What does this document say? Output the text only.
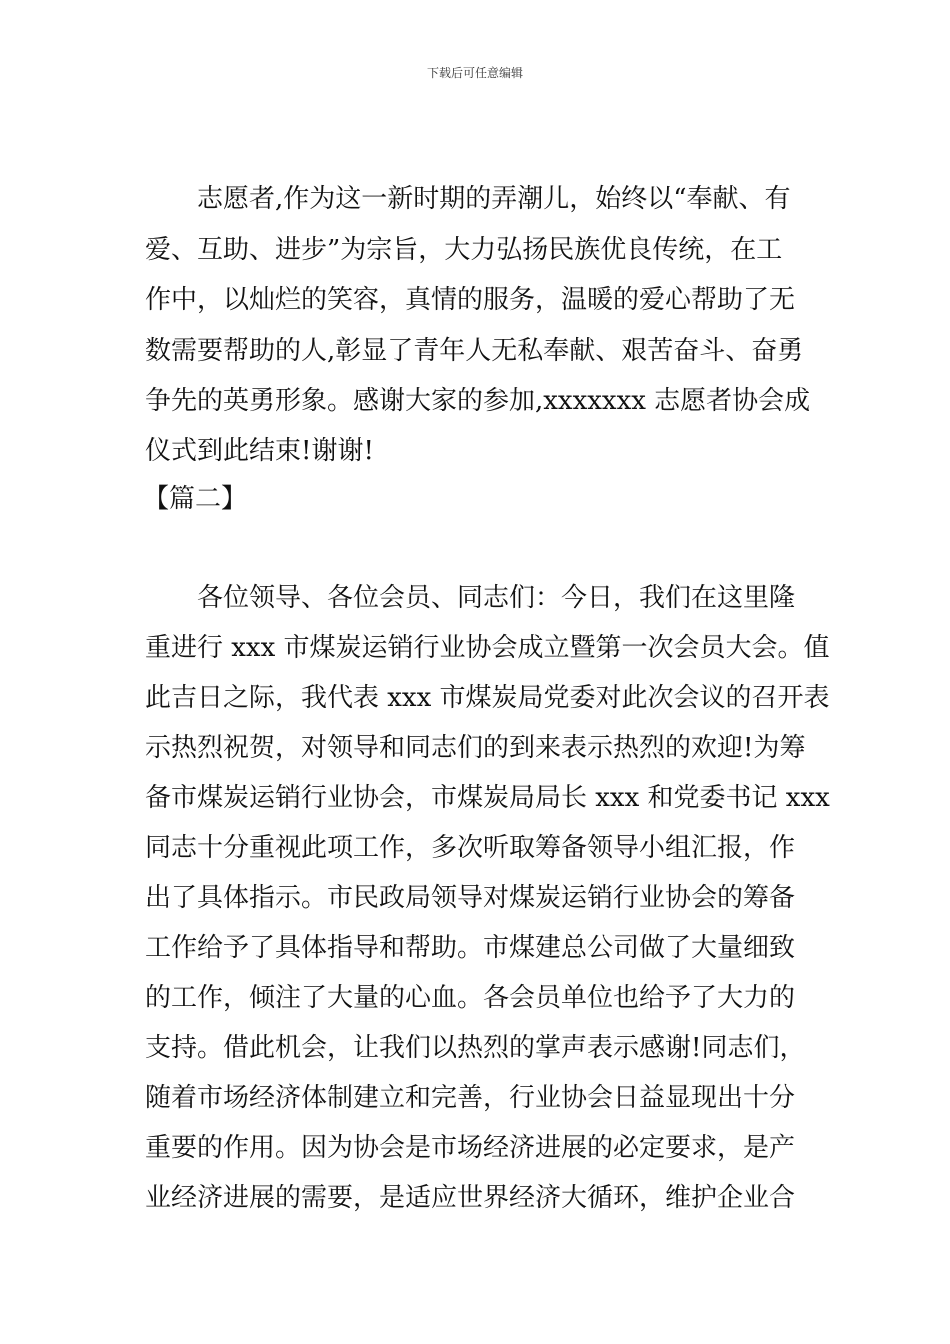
下载后可任意编辑
志愿者,作为这一新时期的弄潮儿，始终以“奉献、有
爱、互助、进步”为宗旨，大力弘扬民族优良传统，在工
作中，以灿烂的笑容，真情的服务，温暖的爱心帮助了无
数需要帮助的人,彰显了青年人无私奉献、艰苦奋斗、奋勇
争先的英勇形象。感谢大家的参加,xxxxxxx 志愿者协会成
仪式到此结束!谢谢!
【篇二】
各位领导、各位会员、同志们：今日，我们在这里隆
重进行 xxx 市煤炭运销行业协会成立暨第一次会员大会。值
此吉日之际，我代表 xxx 市煤炭局党委对此次会议的召开表
示热烈祝贺，对领导和同志们的到来表示热烈的欢迎!为筹
备市煤炭运销行业协会，市煤炭局局长 xxx 和党委书记 xxx
同志十分重视此项工作，多次听取筹备领导小组汇报，作
出了具体指示。市民政局领导对煤炭运销行业协会的筹备
工作给予了具体指导和帮助。市煤建总公司做了大量细致
的工作，倾注了大量的心血。各会员单位也给予了大力的
支持。借此机会，让我们以热烈的掌声表示感谢!同志们，
随着市场经济体制建立和完善，行业协会日益显现出十分
重要的作用。因为协会是市场经济进展的必定要求，是产
业经济进展的需要，是适应世界经济大循环，维护企业合
